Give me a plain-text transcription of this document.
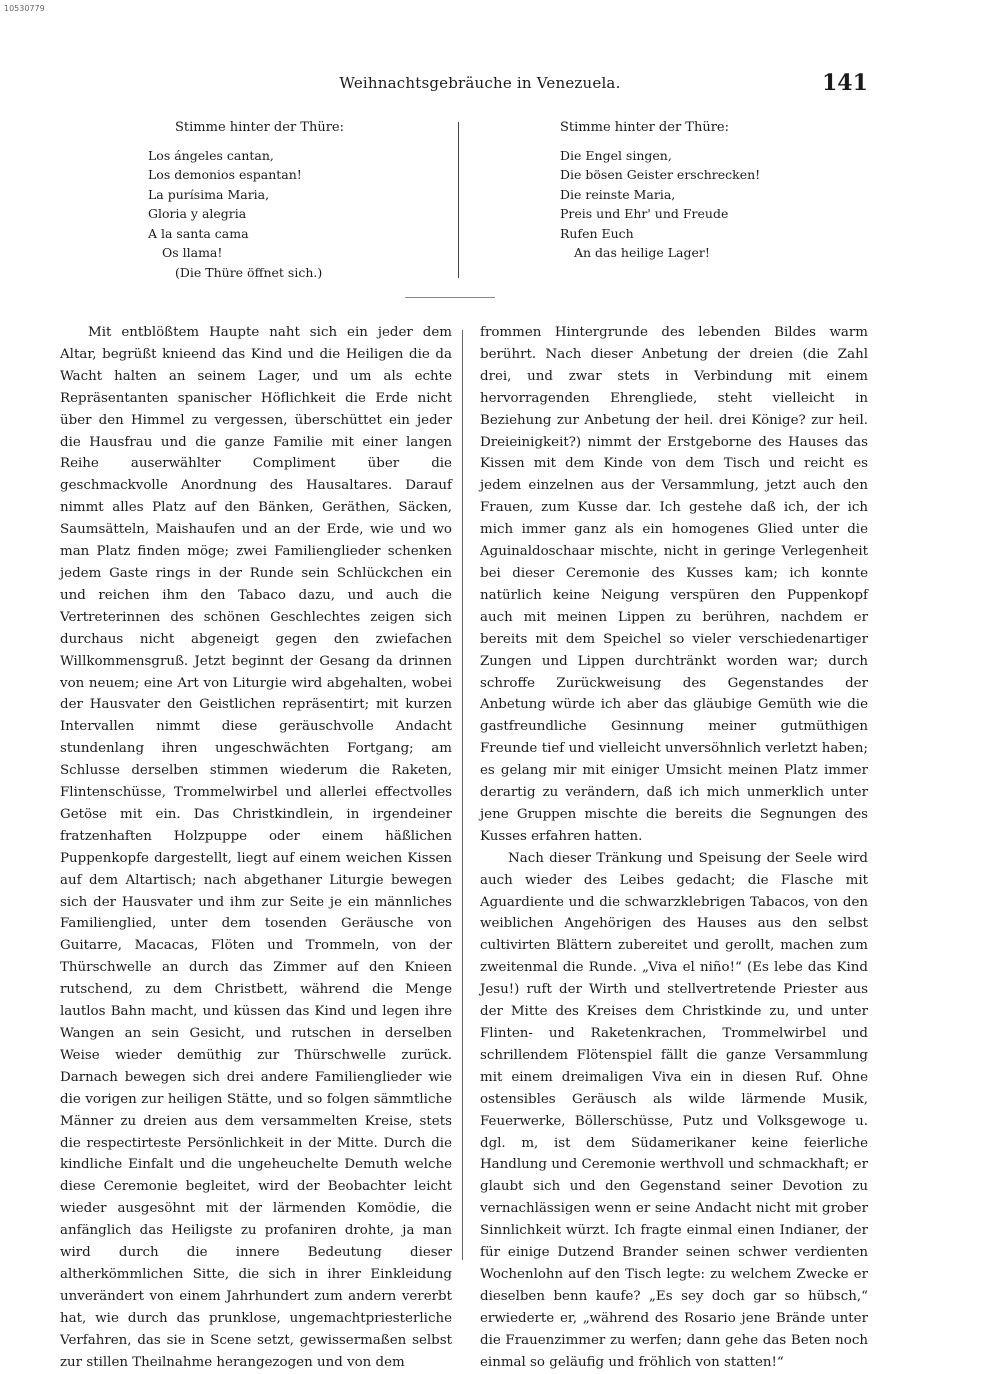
10530779
Weihnachtsgebräuche in Venezuela.	141
Stimme hinter der Thüre:
Los ángeles cantan,
Los demonios espantan!
La purísima Maria,
Gloria y alegria
A la santa cama
Os llama!
(Die Thüre öffnet sich.)
Stimme hinter der Thüre:
Die Engel singen,
Die bösen Geister erschrecken!
Die reinste Maria,
Preis und Ehr' und Freude
Rufen Euch
An das heilige Lager!

Mit entblößtem Haupte naht sich ein jeder dem Altar, begrüßt knieend das Kind und die Heiligen die da Wacht halten an seinem Lager, und um als echte Repräsentanten spanischer Höflichkeit die Erde nicht über den Himmel zu vergessen, überschüttet ein jeder die Hausfrau und die ganze Familie mit einer langen Reihe auserwählter Compliment über die geschmackvolle Anordnung des Hausaltares. Darauf nimmt alles Platz auf den Bänken, Geräthen, Säcken, Saumsätteln, Maishaufen und an der Erde, wie und wo man Platz finden möge; zwei Familienglieder schenken jedem Gaste rings in der Runde sein Schlückchen ein und reichen ihm den Tabaco dazu, und auch die Vertreterinnen des schönen Geschlechtes zeigen sich durchaus nicht abgeneigt gegen den zwiefachen Willkommensgruß. Jetzt beginnt der Gesang da drinnen von neuem; eine Art von Liturgie wird abgehalten, wobei der Hausvater den Geistlichen repräsentirt; mit kurzen Intervallen nimmt diese geräuschvolle Andacht stundenlang ihren ungeschwächten Fortgang; am Schlusse derselben stimmen wiederum die Raketen, Flintenschüsse, Trommelwirbel und allerlei effectvolles Getöse mit ein. Das Christkindlein, in irgendeiner fratzenhaften Holzpuppe oder einem häßlichen Puppenkopfe dargestellt, liegt auf einem weichen Kissen auf dem Altartisch; nach abgethaner Liturgie bewegen sich der Hausvater und ihm zur Seite je ein männliches Familienglied, unter dem tosenden Geräusche von Guitarre, Macacas, Flöten und Trommeln, von der Thürschwelle an durch das Zimmer auf den Knieen rutschend, zu dem Christbett, während die Menge lautlos Bahn macht, und küssen das Kind und legen ihre Wangen an sein Gesicht, und rutschen in derselben Weise wieder demüthig zur Thürschwelle zurück. Darnach bewegen sich drei andere Familienglieder wie die vorigen zur heiligen Stätte, und so folgen sämmtliche Männer zu dreien aus dem versammelten Kreise, stets die respectirteste Persönlichkeit in der Mitte. Durch die kindliche Einfalt und die ungeheuchelte Demuth welche diese Ceremonie begleitet, wird der Beobachter leicht wieder ausgesöhnt mit der lärmenden Komödie, die anfänglich das Heiligste zu profaniren drohte, ja man wird durch die innere Bedeutung dieser altherkömmlichen Sitte, die sich in ihrer Einkleidung unverändert von einem Jahrhundert zum andern vererbt hat, wie durch das prunklose, ungemachtpriesterliche Verfahren, das sie in Scene setzt, gewissermaßen selbst zur stillen Theilnahme herangezogen und von dem

frommen Hintergrunde des lebenden Bildes warm berührt. Nach dieser Anbetung der dreien (die Zahl drei, und zwar stets in Verbindung mit einem hervorragenden Ehrengliede, steht vielleicht in Beziehung zur Anbetung der heil. drei Könige? zur heil. Dreieinigkeit?) nimmt der Erstgeborne des Hauses das Kissen mit dem Kinde von dem Tisch und reicht es jedem einzelnen aus der Versammlung, jetzt auch den Frauen, zum Kusse dar. Ich gestehe daß ich, der ich mich immer ganz als ein homogenes Glied unter die Aguinaldoschaar mischte, nicht in geringe Verlegenheit bei dieser Ceremonie des Kusses kam; ich konnte natürlich keine Neigung verspüren den Puppenkopf auch mit meinen Lippen zu berühren, nachdem er bereits mit dem Speichel so vieler verschiedenartiger Zungen und Lippen durchtränkt worden war; durch schroffe Zurückweisung des Gegenstandes der Anbetung würde ich aber das gläubige Gemüth wie die gastfreundliche Gesinnung meiner gutmüthigen Freunde tief und vielleicht unversöhnlich verletzt haben; es gelang mir mit einiger Umsicht meinen Platz immer derartig zu verändern, daß ich mich unmerklich unter jene Gruppen mischte die bereits die Segnungen des Kusses erfahren hatten.

Nach dieser Tränkung und Speisung der Seele wird auch wieder des Leibes gedacht; die Flasche mit Aguardiente und die schwarzklebrigen Tabacos, von den weiblichen Angehörigen des Hauses aus den selbst cultivirten Blättern zubereitet und gerollt, machen zum zweitenmal die Runde. „Viva el niño!“ (Es lebe das Kind Jesu!) ruft der Wirth und stellvertretende Priester aus der Mitte des Kreises dem Christkinde zu, und unter Flinten- und Raketenkrachen, Trommelwirbel und schrillendem Flötenspiel fällt die ganze Versammlung mit einem dreimaligen Viva ein in diesen Ruf. Ohne ostensibles Geräusch als wilde lärmende Musik, Feuerwerke, Böllerschüsse, Putz und Volksgewoge u. dgl. m, ist dem Südamerikaner keine feierliche Handlung und Ceremonie werthvoll und schmackhaft; er glaubt sich und den Gegenstand seiner Devotion zu vernachlässigen wenn er seine Andacht nicht mit grober Sinnlichkeit würzt. Ich fragte einmal einen Indianer, der für einige Dutzend Brander seinen schwer verdienten Wochenlohn auf den Tisch legte: zu welchem Zwecke er dieselben benn kaufe? „Es sey doch gar so hübsch,“ erwiederte er, „während des Rosario jene Brände unter die Frauenzimmer zu werfen; dann gehe das Beten noch einmal so geläufig und fröhlich von statten!“
